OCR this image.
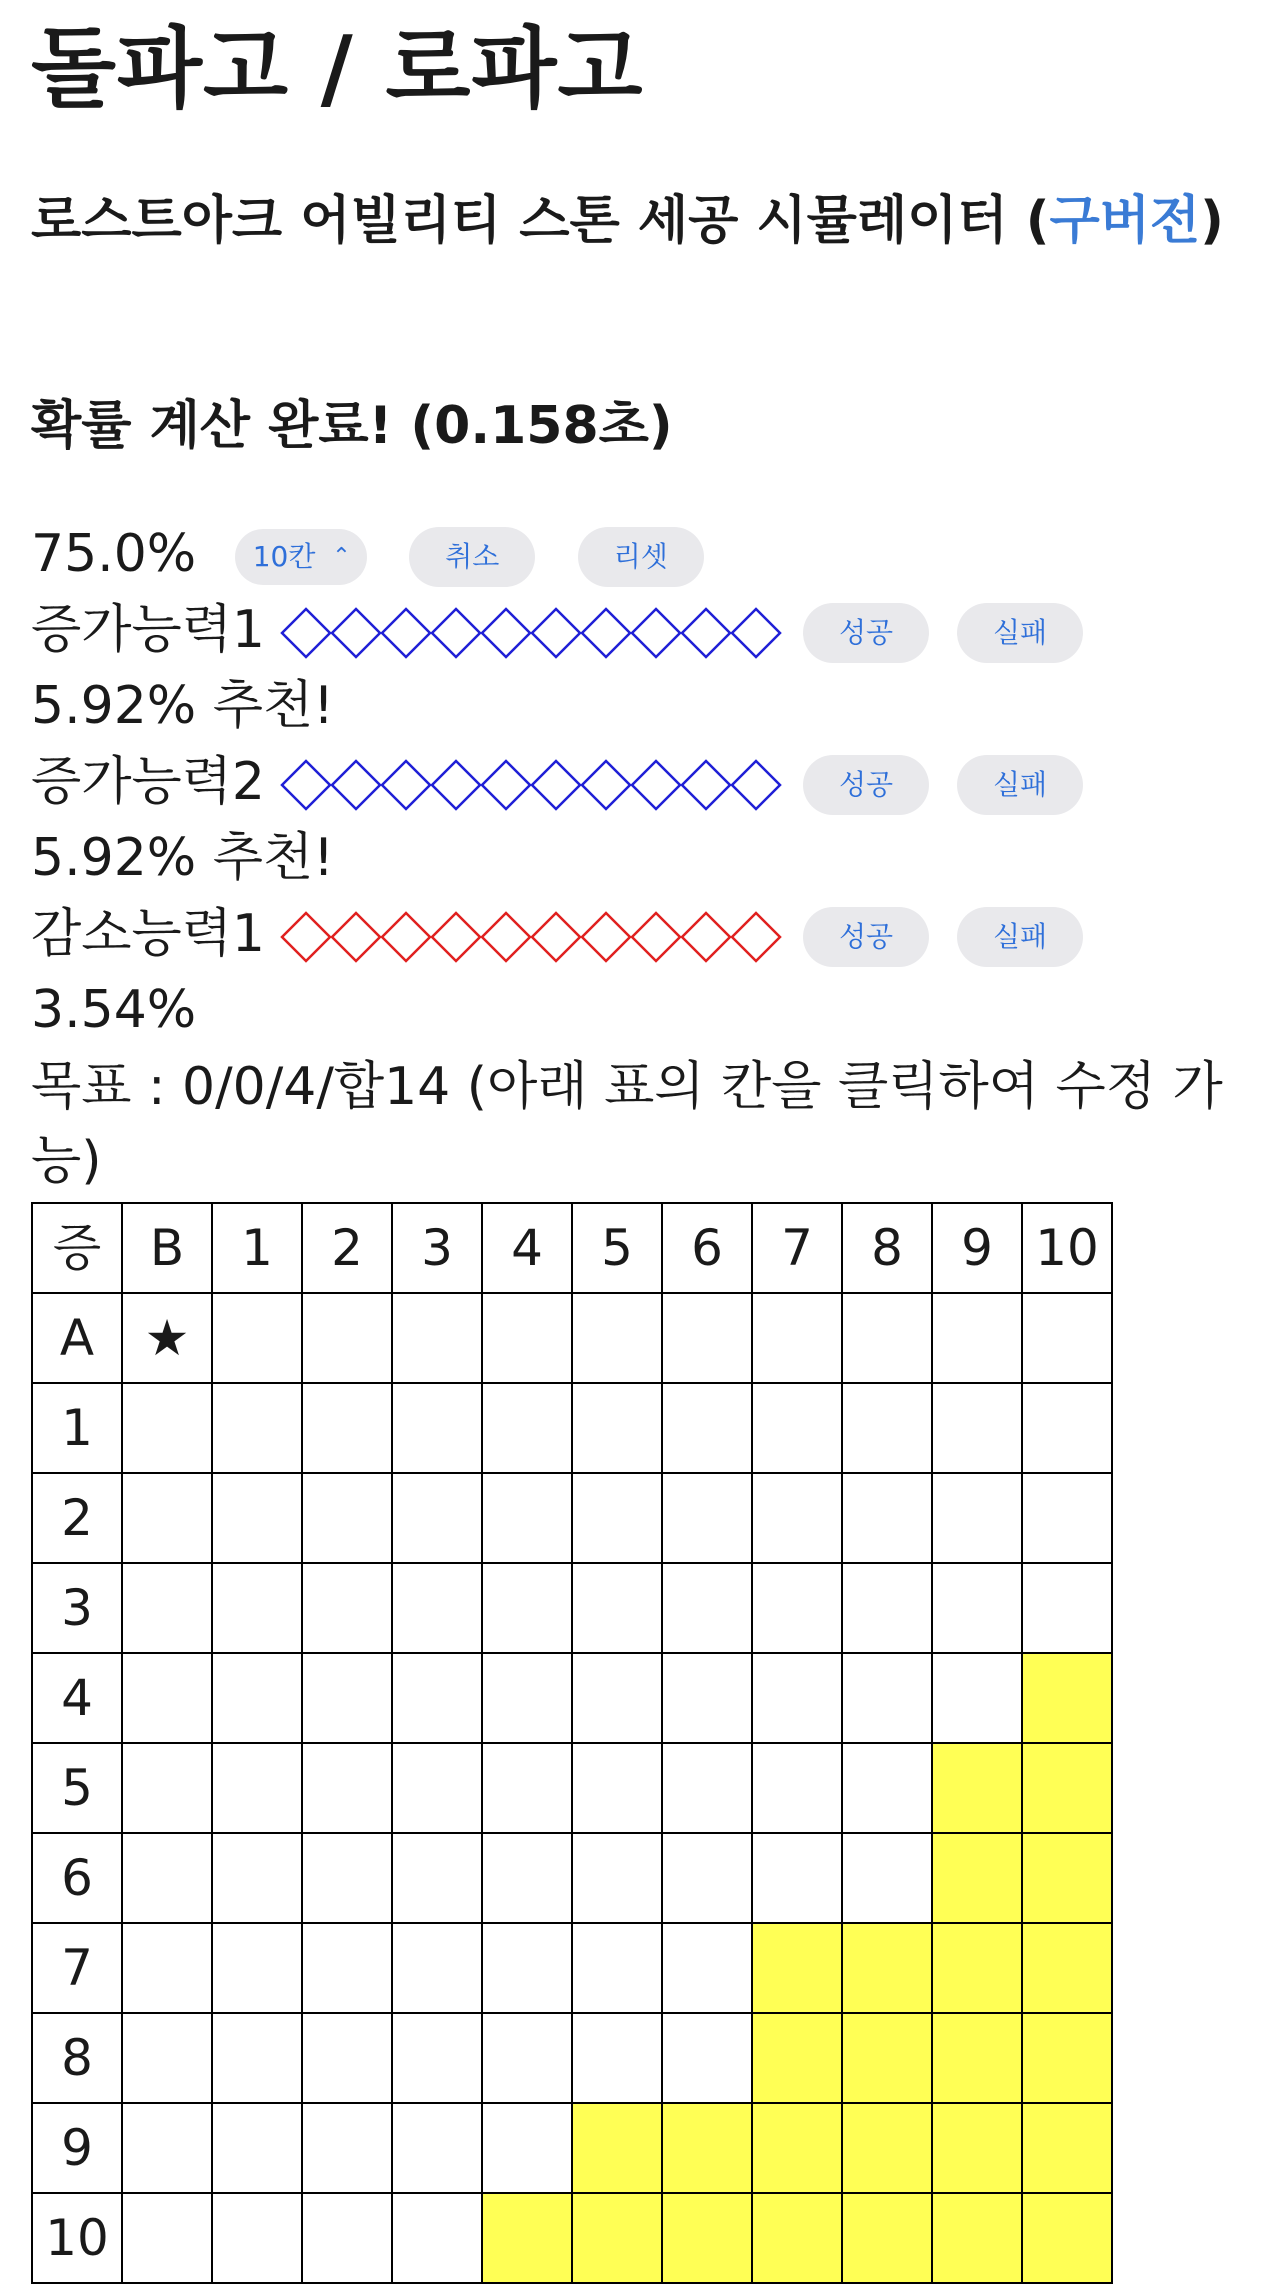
돌파고 / 로파고
로스트아크 어빌리티 스톤 세공 시뮬레이터 (구버전)
확률 계산 완료! (0.158초)
75.0% 10칸 ⌃	취소	리셋
증가능력1	성공	실패
5.92% 추천!
증가능력2	성공	실패
5.92% 추천!
감소능력1	성공	실패
3.54%
목표 : 0/0/4/합14 (아래 표의 칸을 클릭하여 수정 가능)
증	B	1	2	3	4	5	6	7	8	9	10
A	★										
1											
2											
3											
4											
5											
6											
7											
8											
9											
10											
